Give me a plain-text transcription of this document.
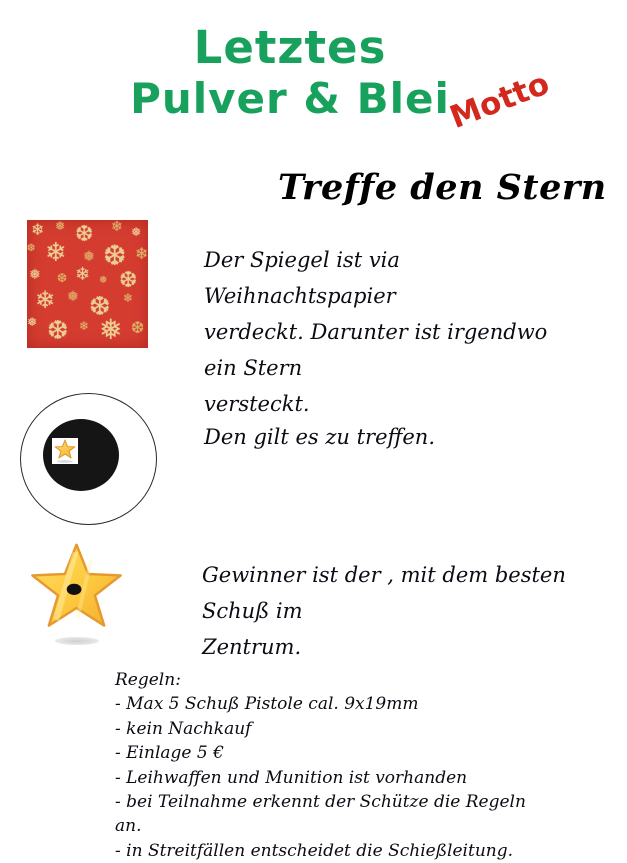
Letztes
Pulver & Blei
Motto
Treffe den Stern
❄ ❅ ❆ ❄ ❅
❆ ❄ ❅ ❆ ❄
❅ ❆ ❄ ❅ ❆
❄ ❅ ❆ ❄
❅ ❆ ❄ ❅ ❆
Der Spiegel ist via Weihnachtspapier
verdeckt. Darunter ist irgendwo ein Stern
versteckt.
Den gilt es zu treffen.
Gewinner ist der , mit dem besten Schuß im
Zentrum.
Regeln:
- Max 5 Schuß Pistole cal. 9x19mm
- kein Nachkauf
- Einlage 5 €
- Leihwaffen und Munition ist vorhanden
- bei Teilnahme erkennt der Schütze die Regeln an.
- in Streitfällen entscheidet die Schießleitung.
